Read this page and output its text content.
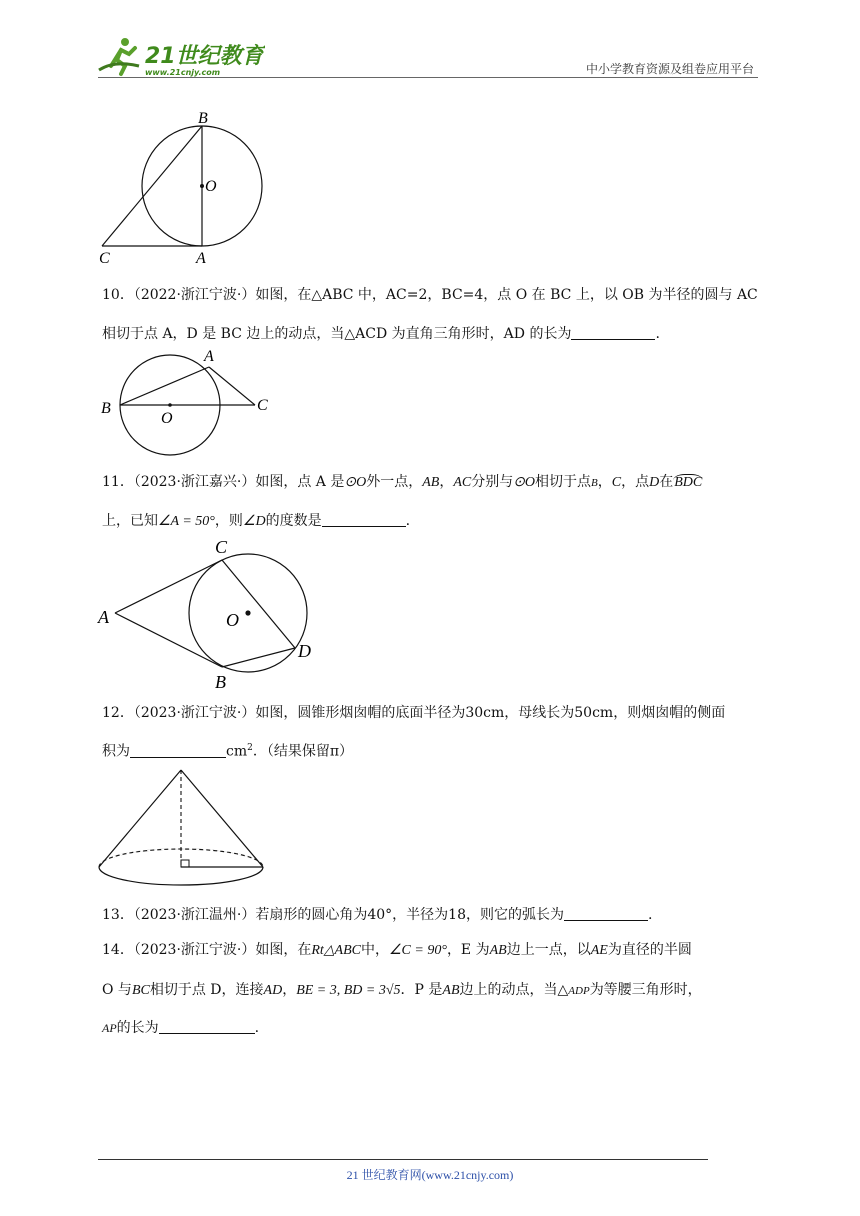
21世纪教育
www.21cnjy.com	中小学教育资源及组卷应用平台
B
O
C	A
10．（2022·浙江宁波·）如图，在△ABC 中，AC=2，BC=4，点 O 在 BC 上，以 OB 为半径的圆与 AC
相切于点 A，D 是 BC 边上的动点，当△ACD 为直角三角形时，AD 的长为	.
A
B
O
C
11．（2023·浙江嘉兴·）如图，点 A 是⊙O外一点，AB，AC分别与⊙O相切于点B，C，点D在BDC
上，已知∠A = 50°，则∠D的度数是	.
C
A	O
D
B
12．（2023·浙江宁波·）如图，圆锥形烟囱帽的底面半径为30cm，母线长为50cm，则烟囱帽的侧面
积为	$cm^2$．（结果保留π）
13．（2023·浙江温州·）若扇形的圆心角为40°，半径为18，则它的弧长为	.
14．（2023·浙江宁波·）如图，在Rt△ABC中，∠C = 90°，E 为AB边上一点，以AE为直径的半圆
O 与BC相切于点 D，连接AD，BE = 3, BD = 3√5．P 是AB边上的动点，当△ADP为等腰三角形时，
AP的长为	.
21 世纪教育网(www.21cnjy.com)
